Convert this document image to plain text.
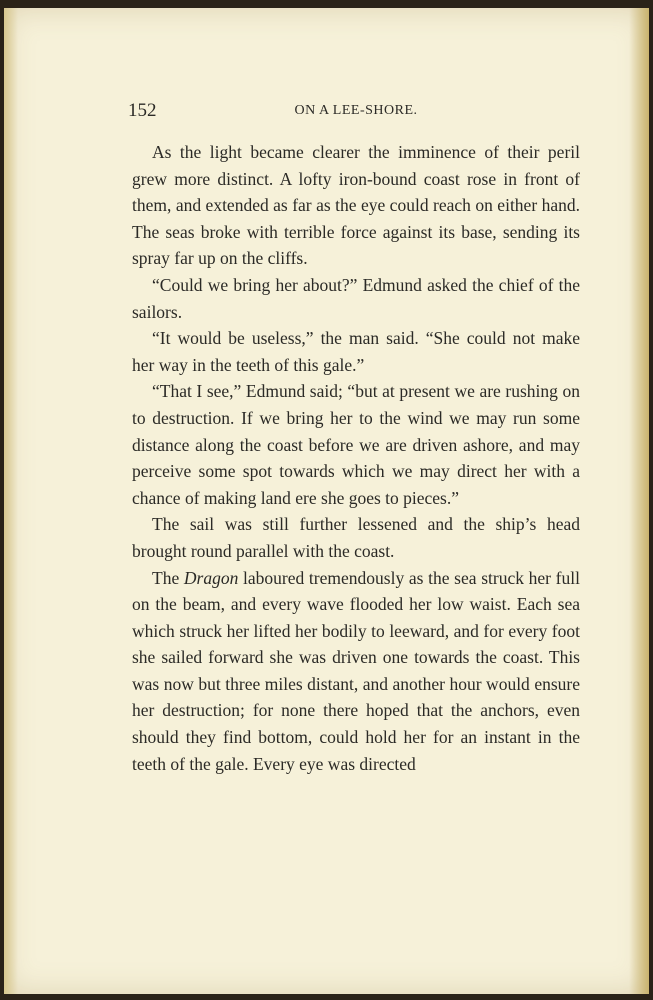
152	ON A LEE-SHORE.

As the light became clearer the imminence of their peril grew more distinct. A lofty iron-bound coast rose in front of them, and extended as far as the eye could reach on either hand. The seas broke with terrible force against its base, sending its spray far up on the cliffs.

“Could we bring her about?” Edmund asked the chief of the sailors.

“It would be useless,” the man said. “She could not make her way in the teeth of this gale.”

“That I see,” Edmund said; “but at present we are rushing on to destruction. If we bring her to the wind we may run some distance along the coast before we are driven ashore, and may perceive some spot towards which we may direct her with a chance of making land ere she goes to pieces.”

The sail was still further lessened and the ship’s head brought round parallel with the coast.

The Dragon laboured tremendously as the sea struck her full on the beam, and every wave flooded her low waist. Each sea which struck her lifted her bodily to leeward, and for every foot she sailed forward she was driven one towards the coast. This was now but three miles distant, and another hour would ensure her destruction; for none there hoped that the anchors, even should they find bottom, could hold her for an instant in the teeth of the gale. Every eye was directed
